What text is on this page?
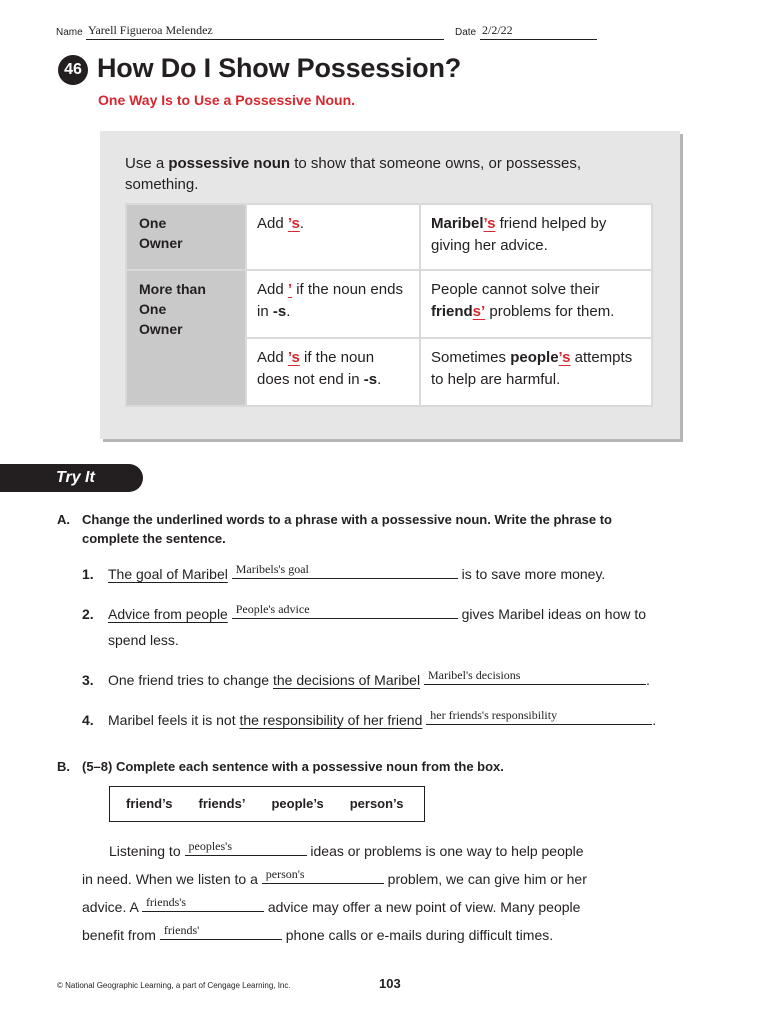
Name Yarell Figueroa Melendez	Date 2/2/22
46 How Do I Show Possession?
One Way Is to Use a Possessive Noun.
Use a possessive noun to show that someone owns, or possesses, something.
One
Owner	Add ’s.	Maribel’s friend helped by giving her advice.

More than
One
Owner	Add ’ if the noun ends in -s.	People cannot solve their friends’ problems for them.
	Add ’s if the noun does not end in -s.	Sometimes people’s attempts to help are harmful.
Try It
A. Change the underlined words to a phrase with a possessive noun. Write the phrase to complete the sentence.
1. The goal of Maribel Maribels's goal	is to save more money.
2. Advice from people People's advice	gives Maribel ideas on how to
spend less.
3. One friend tries to change the decisions of Maribel Maribel's decisions	.
4. Maribel feels it is not the responsibility of her friend her friends's responsibility	.
B. (5–8) Complete each sentence with a possessive noun from the box.
friend’s friends’ people’s person’s
Listening to peoples's	ideas or problems is one way to help people
in need. When we listen to a person's	problem, we can give him or her
advice. A friends's	advice may offer a new point of view. Many people
benefit from friends'	phone calls or e-mails during difficult times.
© National Geographic Learning, a part of Cengage Learning, Inc.	103
